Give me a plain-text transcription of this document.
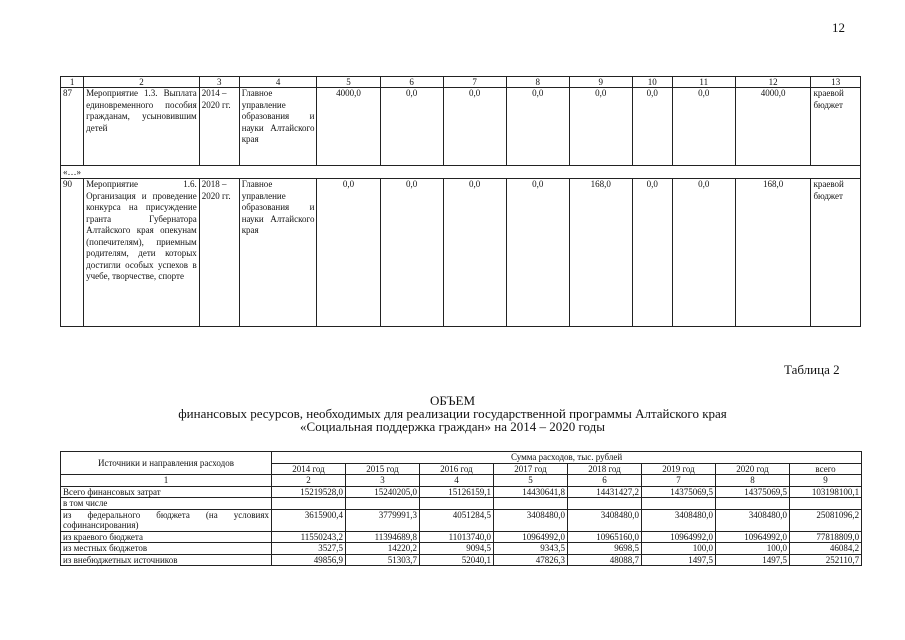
12
1	2	3	4	5	6	7	8	9	10	11	12	13
87	Мероприятие 1.3. Выплата единовременного пособия гражданам, усыновившим детей	2014 – 2020 гг.	Главное управление образования и науки Алтайского края	4000,0	0,0	0,0	0,0	0,0	0,0	0,0	4000,0	краевой бюджет
«…»												
90	Мероприятие 1.6. Организация и проведение конкурса на присуждение гранта Губернатора Алтайского края опекунам (попечителям), приемным родителям, дети которых достигли особых успехов в учебе, творчестве, спорте	2018 – 2020 гг.	Главное управление образования и науки Алтайского края	0,0	0,0	0,0	0,0	168,0	0,0	0,0	168,0	краевой бюджет
Таблица 2
ОБЪЕМ
финансовых ресурсов, необходимых для реализации государственной программы Алтайского края
«Социальная поддержка граждан» на 2014 – 2020 годы
Источники и направления расходов	Сумма расходов, тыс. рублей							
	2014 год	2015 год	2016 год	2017 год	2018 год	2019 год	2020 год	всего
1	2	3	4	5	6	7	8	9
Всего финансовых затрат	15219528,0	15240205,0	15126159,1	14430641,8	14431427,2	14375069,5	14375069,5	103198100,1
в том числе								
из федерального бюджета (на условиях софинансирования)	3615900,4	3779991,3	4051284,5	3408480,0	3408480,0	3408480,0	3408480,0	25081096,2
из краевого бюджета	11550243,2	11394689,8	11013740,0	10964992,0	10965160,0	10964992,0	10964992,0	77818809,0
из местных бюджетов	3527,5	14220,2	9094,5	9343,5	9698,5	100,0	100,0	46084,2
из внебюджетных источников	49856,9	51303,7	52040,1	47826,3	48088,7	1497,5	1497,5	252110,7
